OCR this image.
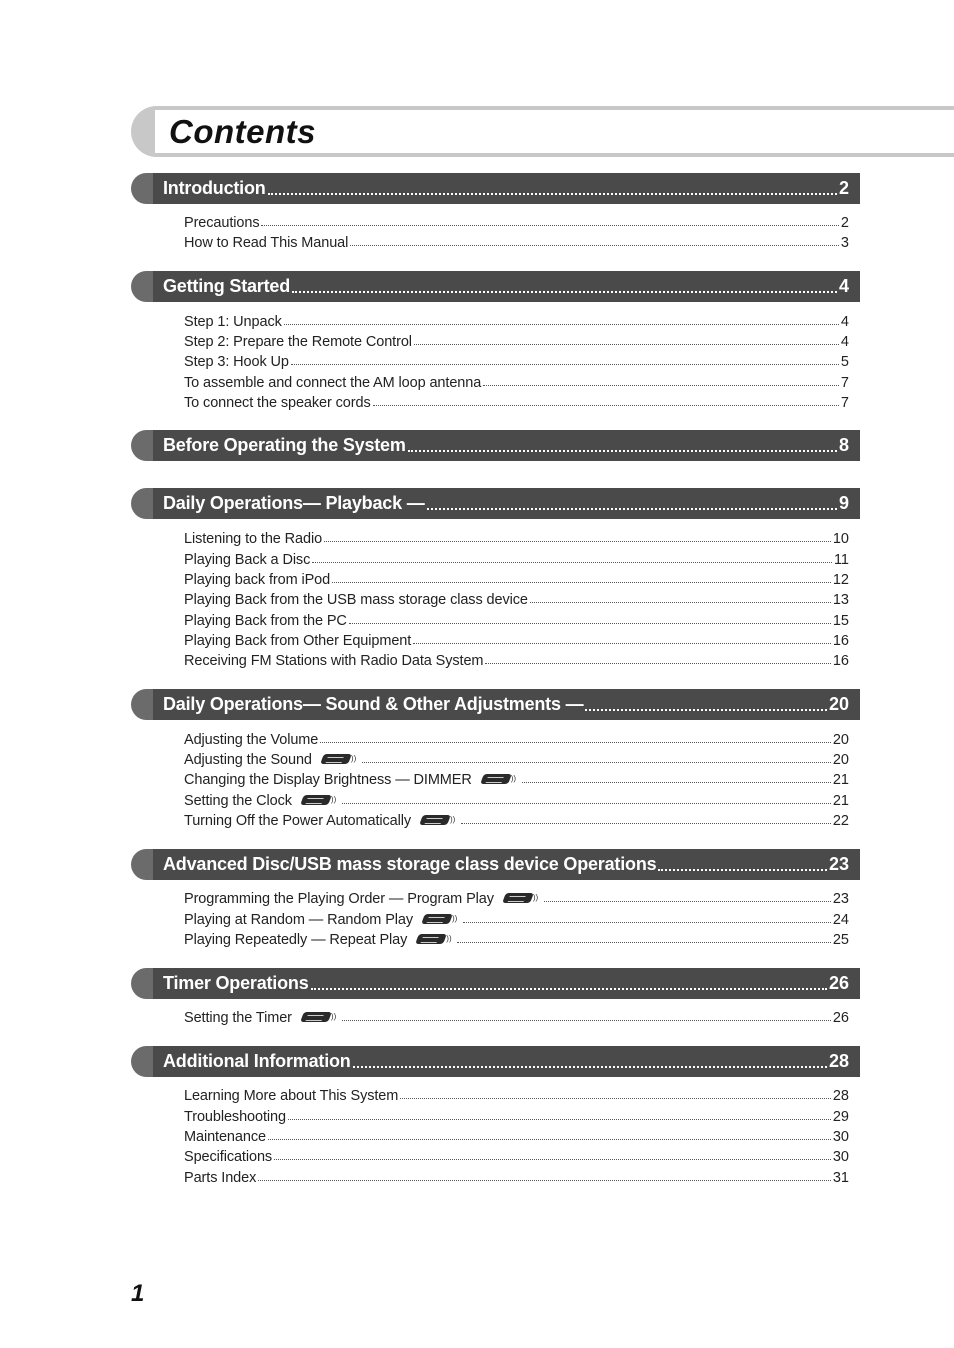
Contents
Introduction	2
Precautions	2
How to Read This Manual	3
Getting Started	4
Step 1: Unpack	4
Step 2: Prepare the Remote Control	4
Step 3: Hook Up	5
To assemble and connect the AM loop antenna	7
To connect the speaker cords	7
Before Operating the System	8
Daily Operations— Playback —	9
Listening to the Radio	10
Playing Back a Disc	11
Playing back from iPod	12
Playing Back from the USB mass storage class device	13
Playing Back from the PC	15
Playing Back from Other Equipment	16
Receiving FM Stations with Radio Data System	16
Daily Operations— Sound & Other Adjustments —	20
Adjusting the Volume	20
Adjusting the Sound	))	20
Changing the Display Brightness — DIMMER	))	21
Setting the Clock	))	21
Turning Off the Power Automatically	))	22
Advanced Disc/USB mass storage class device Operations	23
Programming the Playing Order — Program Play	))	23
Playing at Random — Random Play	))	24
Playing Repeatedly — Repeat Play	))	25
Timer Operations	26
Setting the Timer	))	26
Additional Information	28
Learning More about This System	28
Troubleshooting	29
Maintenance	30
Specifications	30
Parts Index	31
1
